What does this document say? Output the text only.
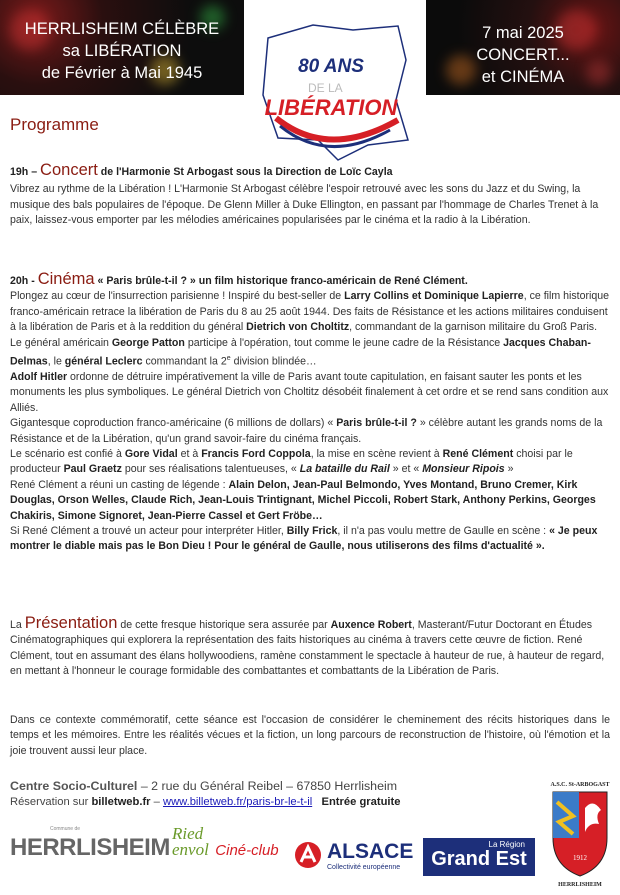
HERRLISHEIM CÉLÈBRE
sa LIBÉRATION
de Février à Mai 1945
7 mai 2025
CONCERT...
et CINÉMA
80 ANS
DE LA
LIBÉRATION
Programme

19h – Concert de l'Harmonie St Arbogast sous la Direction de Loïc Cayla

Vibrez au rythme de la Libération ! L'Harmonie St Arbogast célèbre l'espoir retrouvé avec les sons du Jazz et du Swing, la musique des bals populaires de l'époque. De Glenn Miller à Duke Ellington, en passant par l'hommage de Charles Trenet à la paix, laissez-vous emporter par les mélodies américaines popularisées par le cinéma et la radio à la Libération.

20h - Cinéma « Paris brûle-t-il ? » un film historique franco-américain de René Clément.

Plongez au cœur de l'insurrection parisienne ! Inspiré du best-seller de Larry Collins et Dominique Lapierre, ce film historique franco-américain retrace la libération de Paris du 8 au 25 août 1944. Des faits de Résistance et les actions militaires conduisent à la libération de Paris et à la reddition du général Dietrich von Choltitz, commandant de la garnison militaire du Groß Paris.

Le général américain George Patton participe à l'opération, tout comme le jeune cadre de la Résistance Jacques Chaban-Delmas, le général Leclerc commandant la 2e division blindée…

Adolf Hitler ordonne de détruire impérativement la ville de Paris avant toute capitulation, en faisant sauter les ponts et les monuments les plus symboliques. Le général Dietrich von Choltitz désobéit finalement à cet ordre et se rend sans condition aux Alliés.

Gigantesque coproduction franco-américaine (6 millions de dollars) « Paris brûle-t-il ? » célèbre autant les grands noms de la Résistance et de la Libération, qu'un grand savoir-faire du cinéma français.

Le scénario est confié à Gore Vidal et à Francis Ford Coppola, la mise en scène revient à René Clément choisi par le producteur Paul Graetz pour ses réalisations talentueuses, « La bataille du Rail » et « Monsieur Ripois »

René Clément a réuni un casting de légende : Alain Delon, Jean-Paul Belmondo, Yves Montand, Bruno Cremer, Kirk Douglas, Orson Welles, Claude Rich, Jean-Louis Trintignant, Michel Piccoli, Robert Stark, Anthony Perkins, Georges Chakiris, Simone Signoret, Jean-Pierre Cassel et Gert Fröbe…

Si René Clément a trouvé un acteur pour interpréter Hitler, Billy Frick, il n'a pas voulu mettre de Gaulle en scène : « Je peux montrer le diable mais pas le Bon Dieu ! Pour le général de Gaulle, nous utiliserons des films d'actualité ».

La Présentation de cette fresque historique sera assurée par Auxence Robert, Masterant/Futur Doctorant en Études Cinématographiques qui explorera la représentation des faits historiques au cinéma à travers cette œuvre de fiction. René Clément, tout en assumant des élans hollywoodiens, ramène constamment le spectacle à hauteur de rue, à hauteur de regard, en mettant à l'honneur le courage formidable des combattantes et combattants de la Libération de Paris.

Dans ce contexte commémoratif, cette séance est l'occasion de considérer le cheminement des récits historiques dans le temps et les mémoires. Entre les réalités vécues et la fiction, un long parcours de reconstruction de l'histoire, où l'émotion et la joie trouvent aussi leur place.
Centre Socio-Culturel – 2 rue du Général Reibel – 67850 Herrlisheim
Réservation sur billetweb.fr – www.billetweb.fr/paris-br-le-t-il Entrée gratuite
A.S.C. St-ARBOGAST
1912
HERRLISHEIM
Commune de
HERRLISHEIM
Ried
envol Ciné-club	ALSACE
Collectivité européenne
La Région
Grand Est
